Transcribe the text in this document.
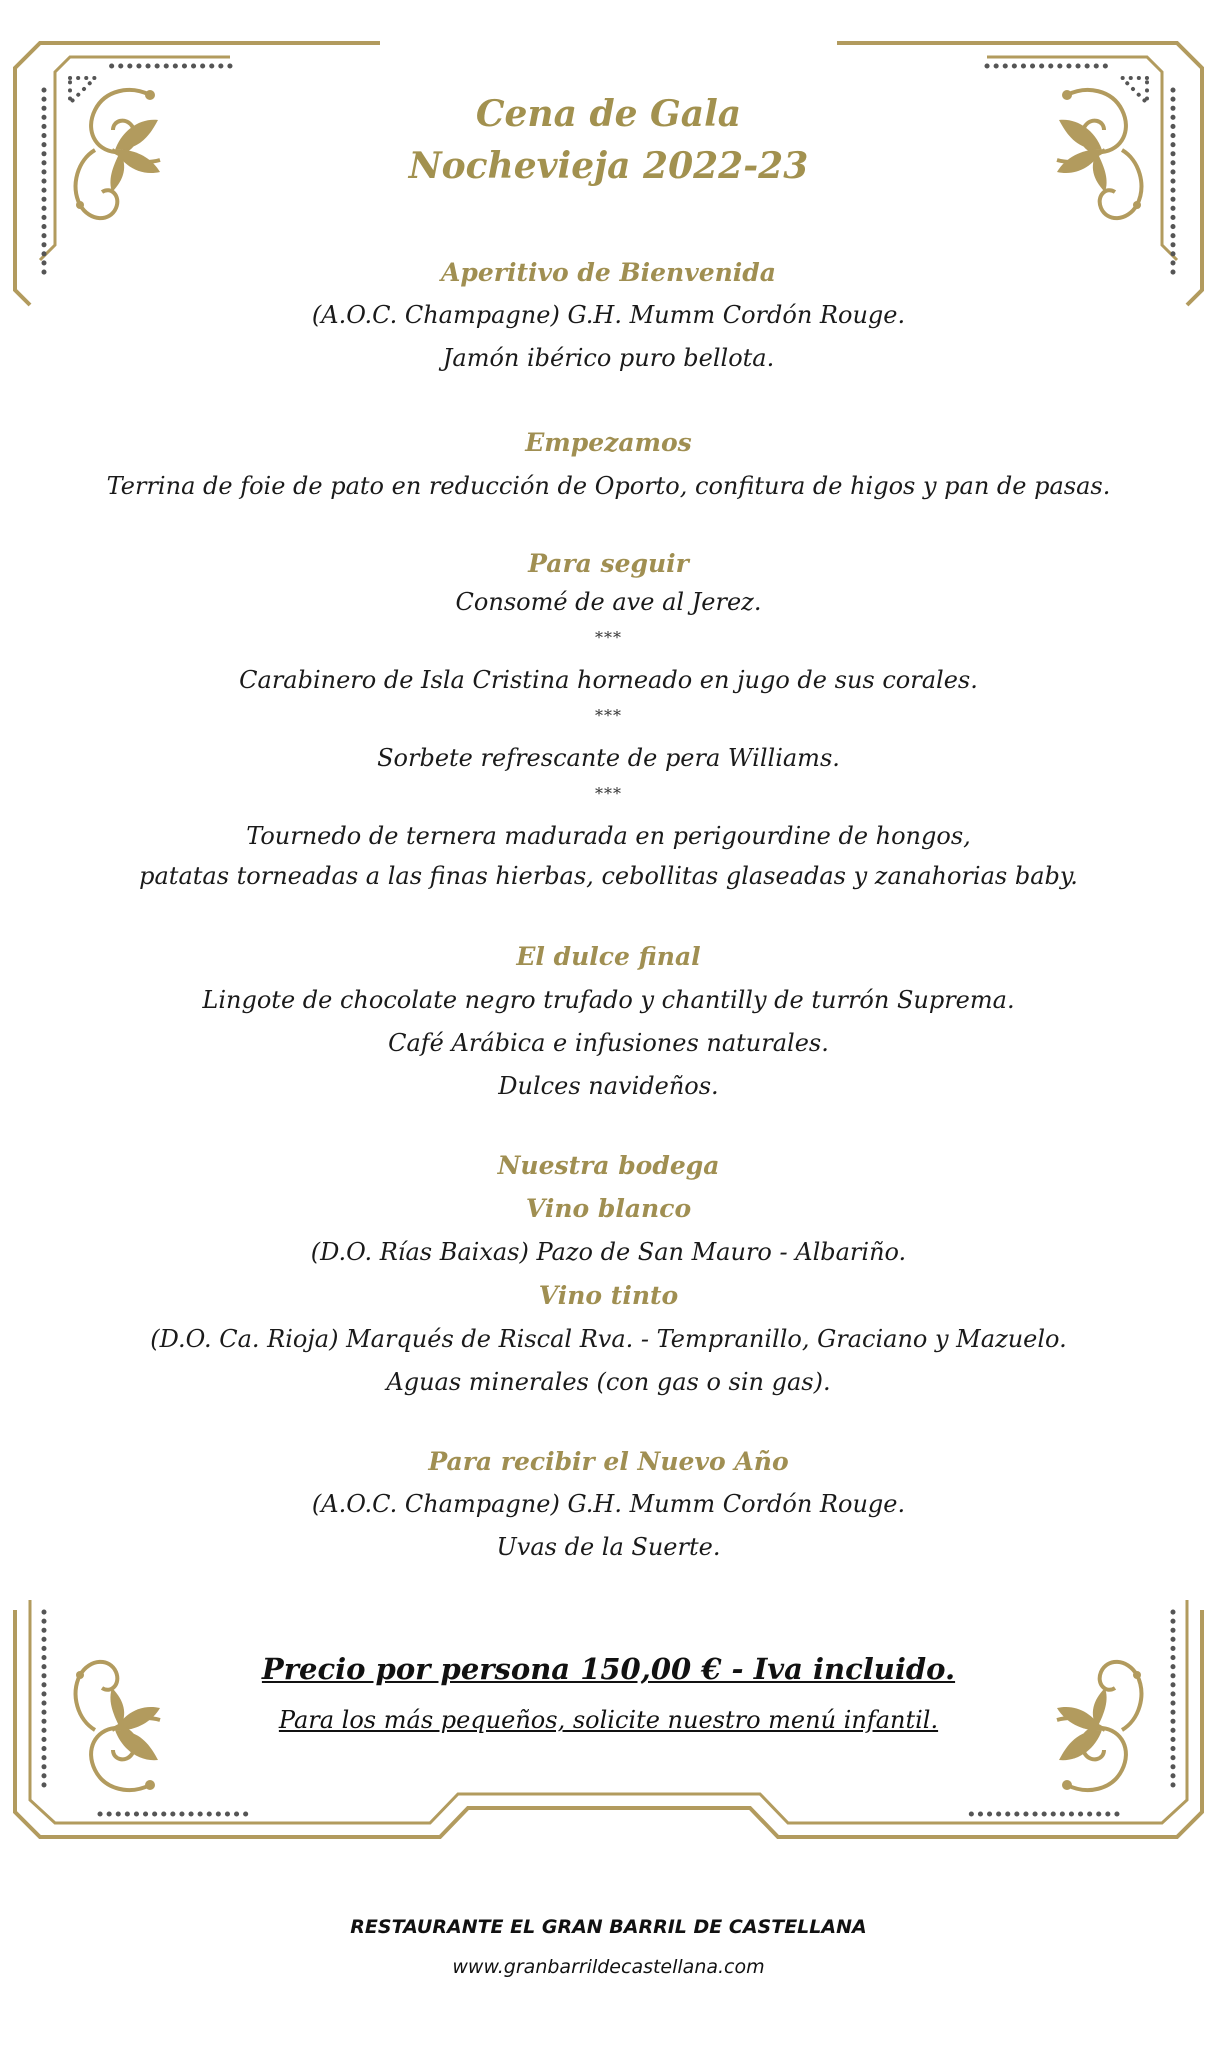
Cena de Gala
Nochevieja 2022-23
Aperitivo de Bienvenida
(A.O.C. Champagne) G.H. Mumm Cordón Rouge.
Jamón ibérico puro bellota.
Empezamos
Terrina de foie de pato en reducción de Oporto, confitura de higos y pan de pasas.
Para seguir
Consomé de ave al Jerez.
***
Carabinero de Isla Cristina horneado en jugo de sus corales.
***
Sorbete refrescante de pera Williams.
***
Tournedo de ternera madurada en perigourdine de hongos,
patatas torneadas a las finas hierbas, cebollitas glaseadas y zanahorias baby.
El dulce final
Lingote de chocolate negro trufado y chantilly de turrón Suprema.
Café Arábica e infusiones naturales.
Dulces navideños.
Nuestra bodega
Vino blanco
(D.O. Rías Baixas) Pazo de San Mauro - Albariño.
Vino tinto
(D.O. Ca. Rioja) Marqués de Riscal Rva. - Tempranillo, Graciano y Mazuelo.
Aguas minerales (con gas o sin gas).
Para recibir el Nuevo Año
(A.O.C. Champagne) G.H. Mumm Cordón Rouge.
Uvas de la Suerte.
Precio por persona 150,00 € - Iva incluido.
Para los más pequeños, solicite nuestro menú infantil.
RESTAURANTE EL GRAN BARRIL DE CASTELLANA
www.granbarrildecastellana.com
